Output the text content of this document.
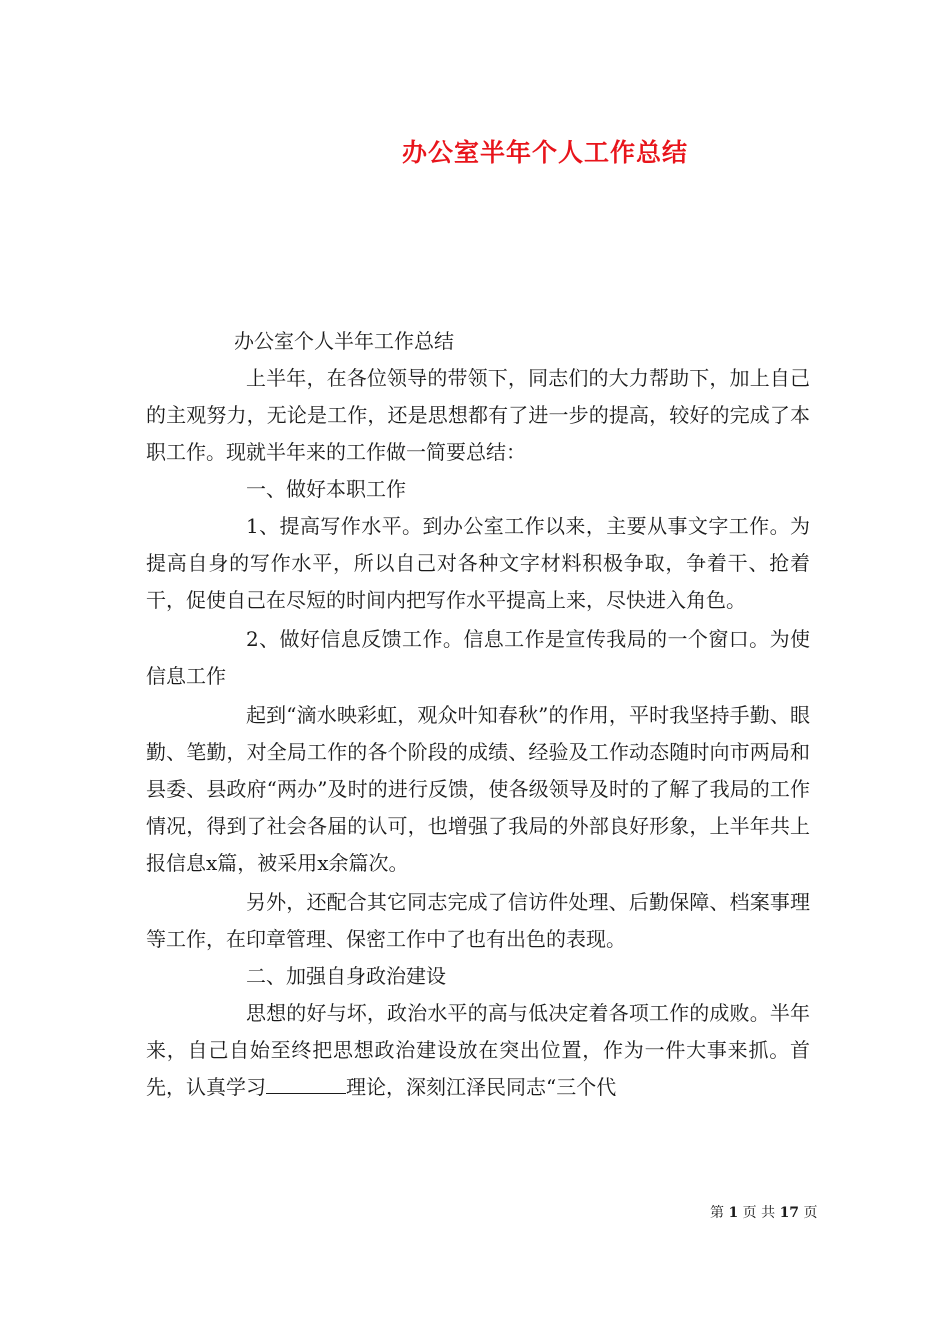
办公室半年个人工作总结
办公室个人半年工作总结

上半年，在各位领导的带领下，同志们的大力帮助下，加上自己的主观努力，无论是工作，还是思想都有了进一步的提高，较好的完成了本职工作。现就半年来的工作做一简要总结：

一、做好本职工作

1、提高写作水平。到办公室工作以来，主要从事文字工作。为提高自身的写作水平，所以自己对各种文字材料积极争取，争着干、抢着干，促使自己在尽短的时间内把写作水平提高上来，尽快进入角色。

2、做好信息反馈工作。信息工作是宣传我局的一个窗口。为使信息工作

起到“滴水映彩虹，观众叶知春秋”的作用，平时我坚持手勤、眼勤、笔勤，对全局工作的各个阶段的成绩、经验及工作动态随时向市两局和县委、县政府“两办”及时的进行反馈，使各级领导及时的了解了我局的工作情况，得到了社会各届的认可，也增强了我局的外部良好形象，上半年共上报信息x篇，被采用x余篇次。

另外，还配合其它同志完成了信访件处理、后勤保障、档案事理等工作，在印章管理、保密工作中了也有出色的表现。

二、加强自身政治建设

思想的好与坏，政治水平的高与低决定着各项工作的成败。半年来，自己自始至终把思想政治建设放在突出位置，作为一件大事来抓。首先，认真学习	理论，深刻江泽民同志“三个代

第 1 页 共 17 页
